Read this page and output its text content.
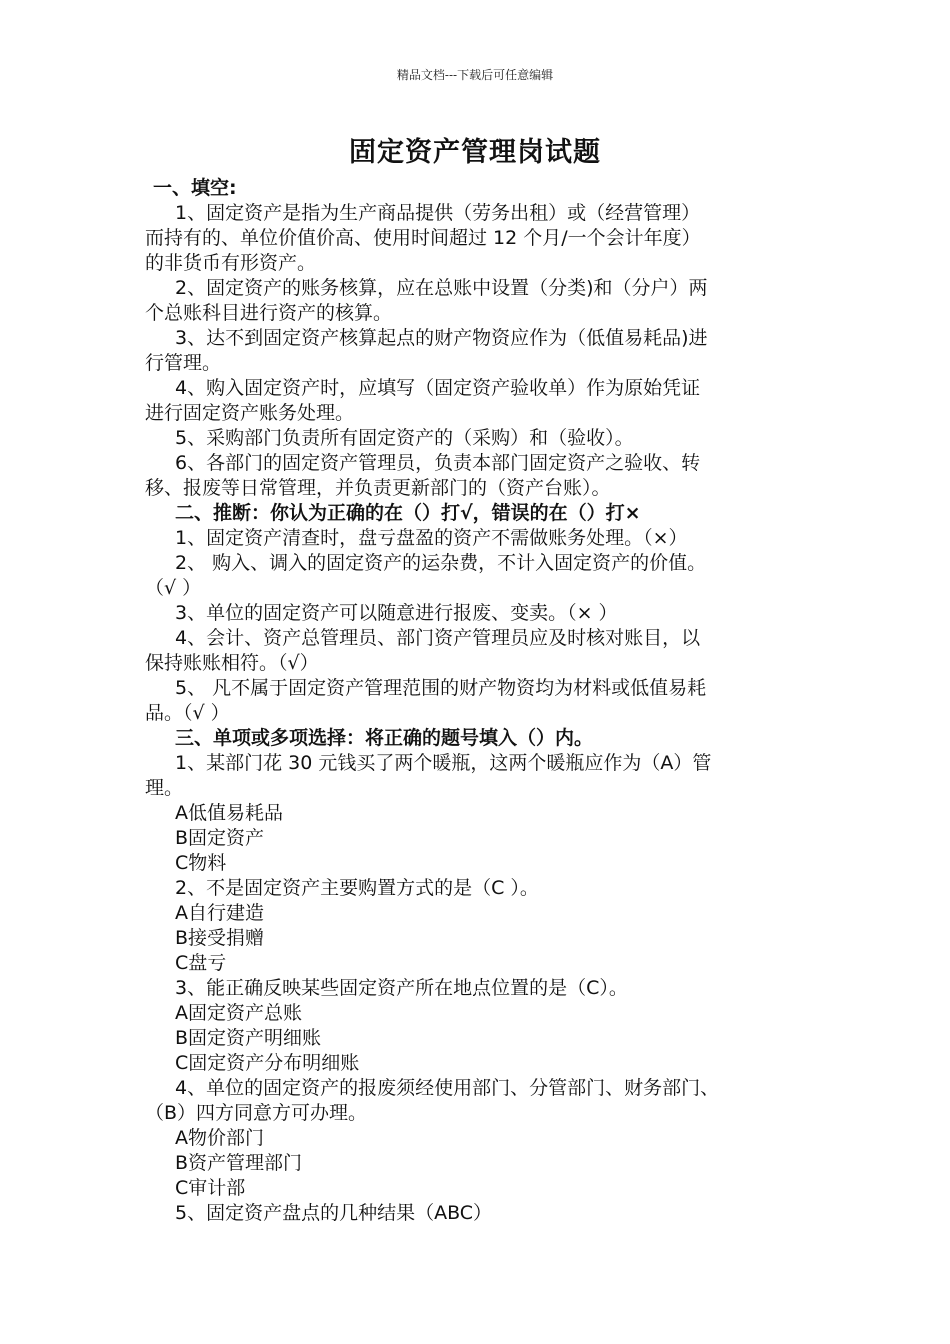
精品文档---下载后可任意编辑
固定资产管理岗试题

一、填空:

1、固定资产是指为生产商品提供（劳务出租）或（经营管理）

而持有的、单位价值价高、使用时间超过 12 个月/一个会计年度）

的非货币有形资产。

2、固定资产的账务核算，应在总账中设置（分类)和（分户）两

个总账科目进行资产的核算。

3、达不到固定资产核算起点的财产物资应作为（低值易耗品)进

行管理。

4、购入固定资产时，应填写（固定资产验收单）作为原始凭证

进行固定资产账务处理。

5、采购部门负责所有固定资产的（采购）和（验收）。

6、各部门的固定资产管理员，负责本部门固定资产之验收、转

移、报废等日常管理，并负责更新部门的（资产台账）。

二、推断：你认为正确的在（）打√，错误的在（）打×

1、固定资产清查时，盘亏盘盈的资产不需做账务处理。（×）

2、 购入、调入的固定资产的运杂费，不计入固定资产的价值。

（√ ）

3、单位的固定资产可以随意进行报废、变卖。（× ）

4、会计、资产总管理员、部门资产管理员应及时核对账目，以

保持账账相符。（√）

5、 凡不属于固定资产管理范围的财产物资均为材料或低值易耗

品。（√ ）

三、单项或多项选择：将正确的题号填入（）内。

1、某部门花 30 元钱买了两个暖瓶，这两个暖瓶应作为（A）管

理。

A低值易耗品

B固定资产

C物料

2、不是固定资产主要购置方式的是（C ）。

A自行建造

B接受捐赠

C盘亏

3、能正确反映某些固定资产所在地点位置的是（C）。

A固定资产总账

B固定资产明细账

C固定资产分布明细账

4、单位的固定资产的报废须经使用部门、分管部门、财务部门、

（B）四方同意方可办理。

A物价部门

B资产管理部门

C审计部

5、固定资产盘点的几种结果（ABC）
